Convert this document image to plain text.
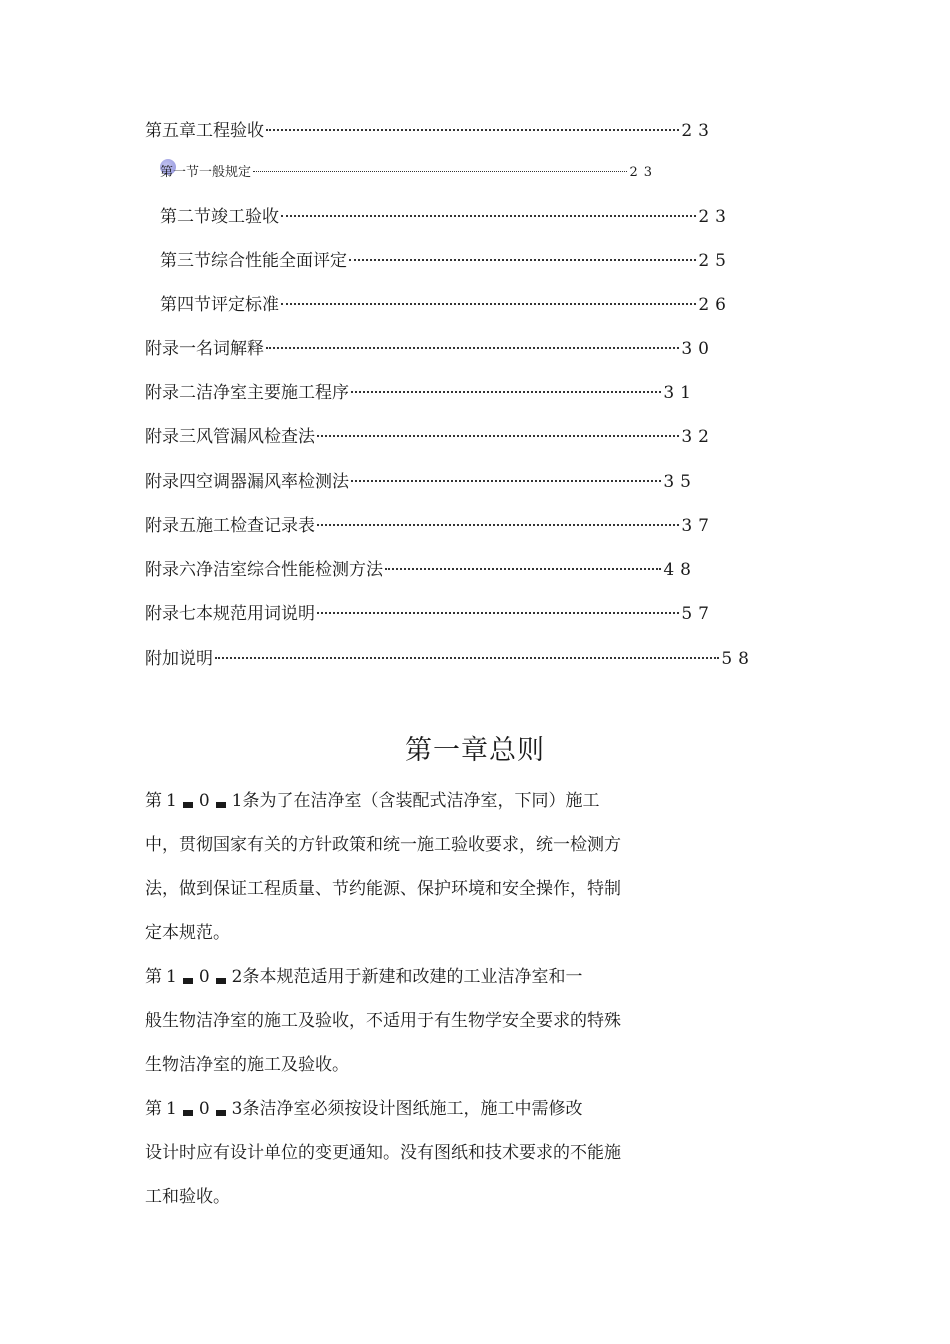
第五章工程验收	23
第一节一般规定	23
第二节竣工验收	23
第三节综合性能全面评定	25
第四节评定标准	26
附录一名词解释	30
附录二洁净室主要施工程序	31
附录三风管漏风检查法	32
附录四空调器漏风率检测法	35
附录五施工检查记录表	37
附录六净洁室综合性能检测方法	48
附录七本规范用词说明	57
附加说明	58
第一章总则
第 1 0 1 条为了在洁净室（含装配式洁净室，下同）施工
中，贯彻国家有关的方针政策和统一施工验收要求，统一检测方
法，做到保证工程质量、节约能源、保护环境和安全操作，特制
定本规范。
第 1 0 2 条本规范适用于新建和改建的工业洁净室和一
般生物洁净室的施工及验收，不适用于有生物学安全要求的特殊
生物洁净室的施工及验收。
第 1 0 3 条洁净室必须按设计图纸施工，施工中需修改
设计时应有设计单位的变更通知。没有图纸和技术要求的不能施
工和验收。
